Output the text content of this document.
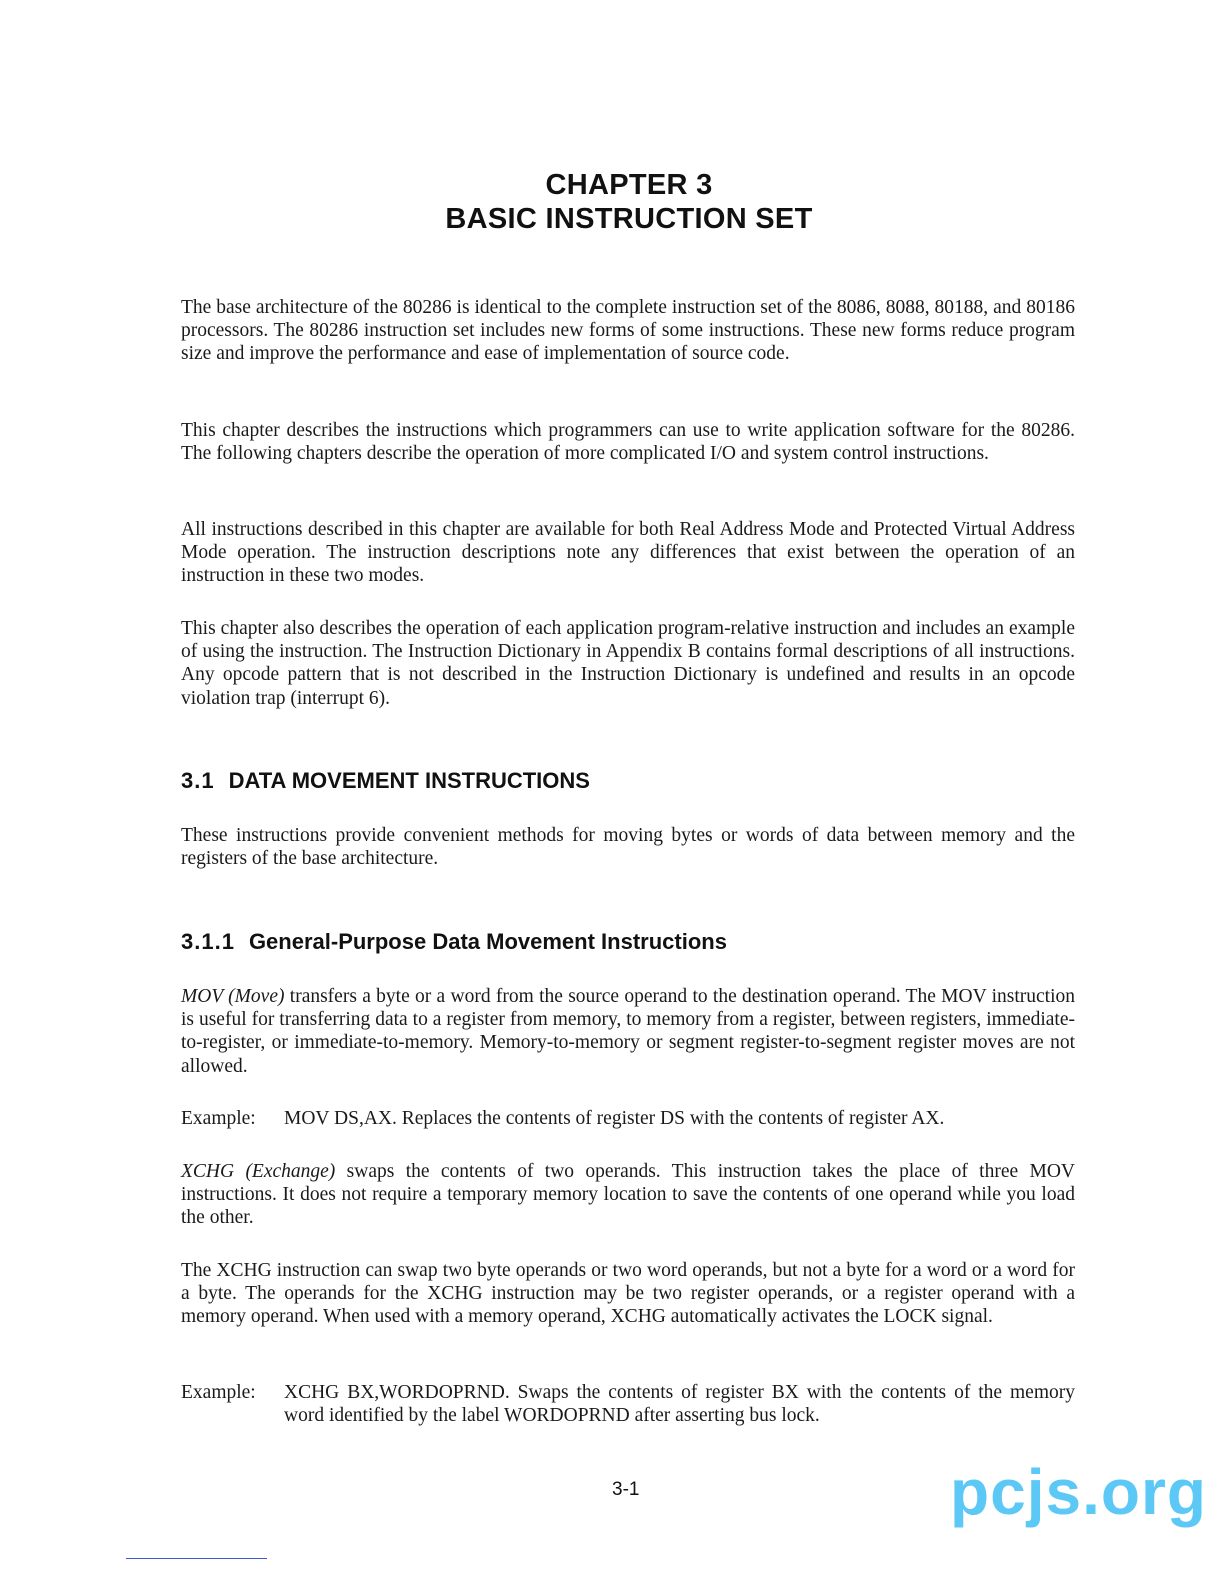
CHAPTER 3
BASIC INSTRUCTION SET

The base architecture of the 80286 is identical to the complete instruction set of the 8086, 8088, 80188, and 80186 processors. The 80286 instruction set includes new forms of some instructions. These new forms reduce program size and improve the performance and ease of implementation of source code.

This chapter describes the instructions which programmers can use to write application software for the 80286. The following chapters describe the operation of more complicated I/O and system control instructions.

All instructions described in this chapter are available for both Real Address Mode and Protected Virtual Address Mode operation. The instruction descriptions note any differences that exist between the operation of an instruction in these two modes.

This chapter also describes the operation of each application program-relative instruction and includes an example of using the instruction. The Instruction Dictionary in Appendix B contains formal descriptions of all instructions. Any opcode pattern that is not described in the Instruction Dictionary is undefined and results in an opcode violation trap (interrupt 6).

3.1 DATA MOVEMENT INSTRUCTIONS

These instructions provide convenient methods for moving bytes or words of data between memory and the registers of the base architecture.

3.1.1 General-Purpose Data Movement Instructions

MOV (Move) transfers a byte or a word from the source operand to the destination operand. The MOV instruction is useful for transferring data to a register from memory, to memory from a register, between registers, immediate-to-register, or immediate-to-memory. Memory-to-memory or segment register-to-segment register moves are not allowed.

Example:	MOV DS,AX. Replaces the contents of register DS with the contents of register AX.

XCHG (Exchange) swaps the contents of two operands. This instruction takes the place of three MOV instructions. It does not require a temporary memory location to save the contents of one operand while you load the other.

The XCHG instruction can swap two byte operands or two word operands, but not a byte for a word or a word for a byte. The operands for the XCHG instruction may be two register operands, or a register operand with a memory operand. When used with a memory operand, XCHG automatically activates the LOCK signal.

Example:	XCHG BX,WORDOPRND. Swaps the contents of register BX with the contents of the memory word identified by the label WORDOPRND after asserting bus lock.
3-1	pcjs.org
